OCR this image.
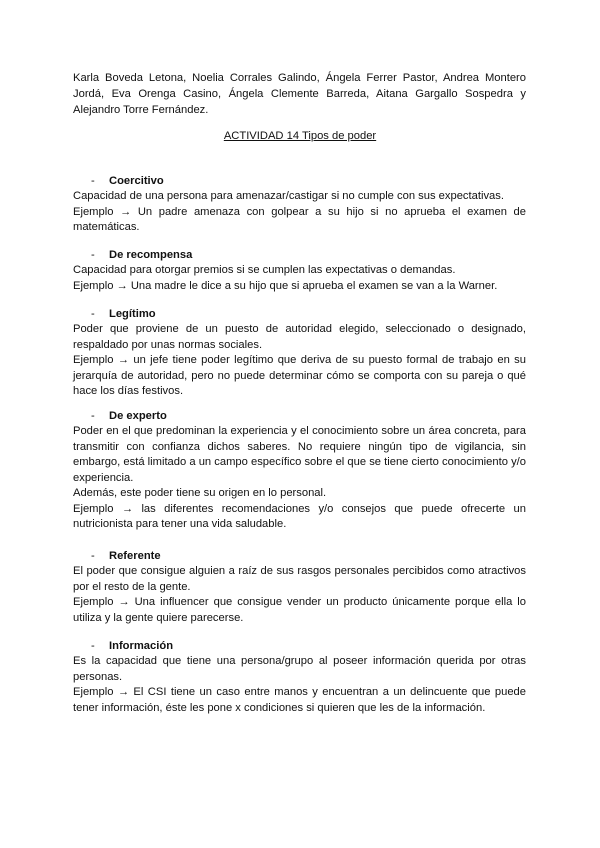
Karla Boveda Letona, Noelia Corrales Galindo, Ángela Ferrer Pastor, Andrea Montero Jordá, Eva Orenga Casino, Ángela Clemente Barreda, Aitana Gargallo Sospedra y Alejandro Torre Fernández.
ACTIVIDAD 14 Tipos de poder
- Coercitivo

Capacidad de una persona para amenazar/castigar si no cumple con sus expectativas.

Ejemplo → Un padre amenaza con golpear a su hijo si no aprueba el examen de matemáticas.

- De recompensa

Capacidad para otorgar premios si se cumplen las expectativas o demandas.

Ejemplo → Una madre le dice a su hijo que si aprueba el examen se van a la Warner.

- Legítimo

Poder que proviene de un puesto de autoridad elegido, seleccionado o designado, respaldado por unas normas sociales.

Ejemplo → un jefe tiene poder legítimo que deriva de su puesto formal de trabajo en su jerarquía de autoridad, pero no puede determinar cómo se comporta con su pareja o qué hace los días festivos.

- De experto

Poder en el que predominan la experiencia y el conocimiento sobre un área concreta, para transmitir con confianza dichos saberes. No requiere ningún tipo de vigilancia, sin embargo, está limitado a un campo específico sobre el que se tiene cierto conocimiento y/o experiencia.

Además, este poder tiene su origen en lo personal.

Ejemplo → las diferentes recomendaciones y/o consejos que puede ofrecerte un nutricionista para tener una vida saludable.

- Referente

El poder que consigue alguien a raíz de sus rasgos personales percibidos como atractivos por el resto de la gente.

Ejemplo → Una influencer que consigue vender un producto únicamente porque ella lo utiliza y la gente quiere parecerse.

- Información

Es la capacidad que tiene una persona/grupo al poseer información querida por otras personas.

Ejemplo → El CSI tiene un caso entre manos y encuentran a un delincuente que puede tener información, éste les pone x condiciones si quieren que les de la información.
